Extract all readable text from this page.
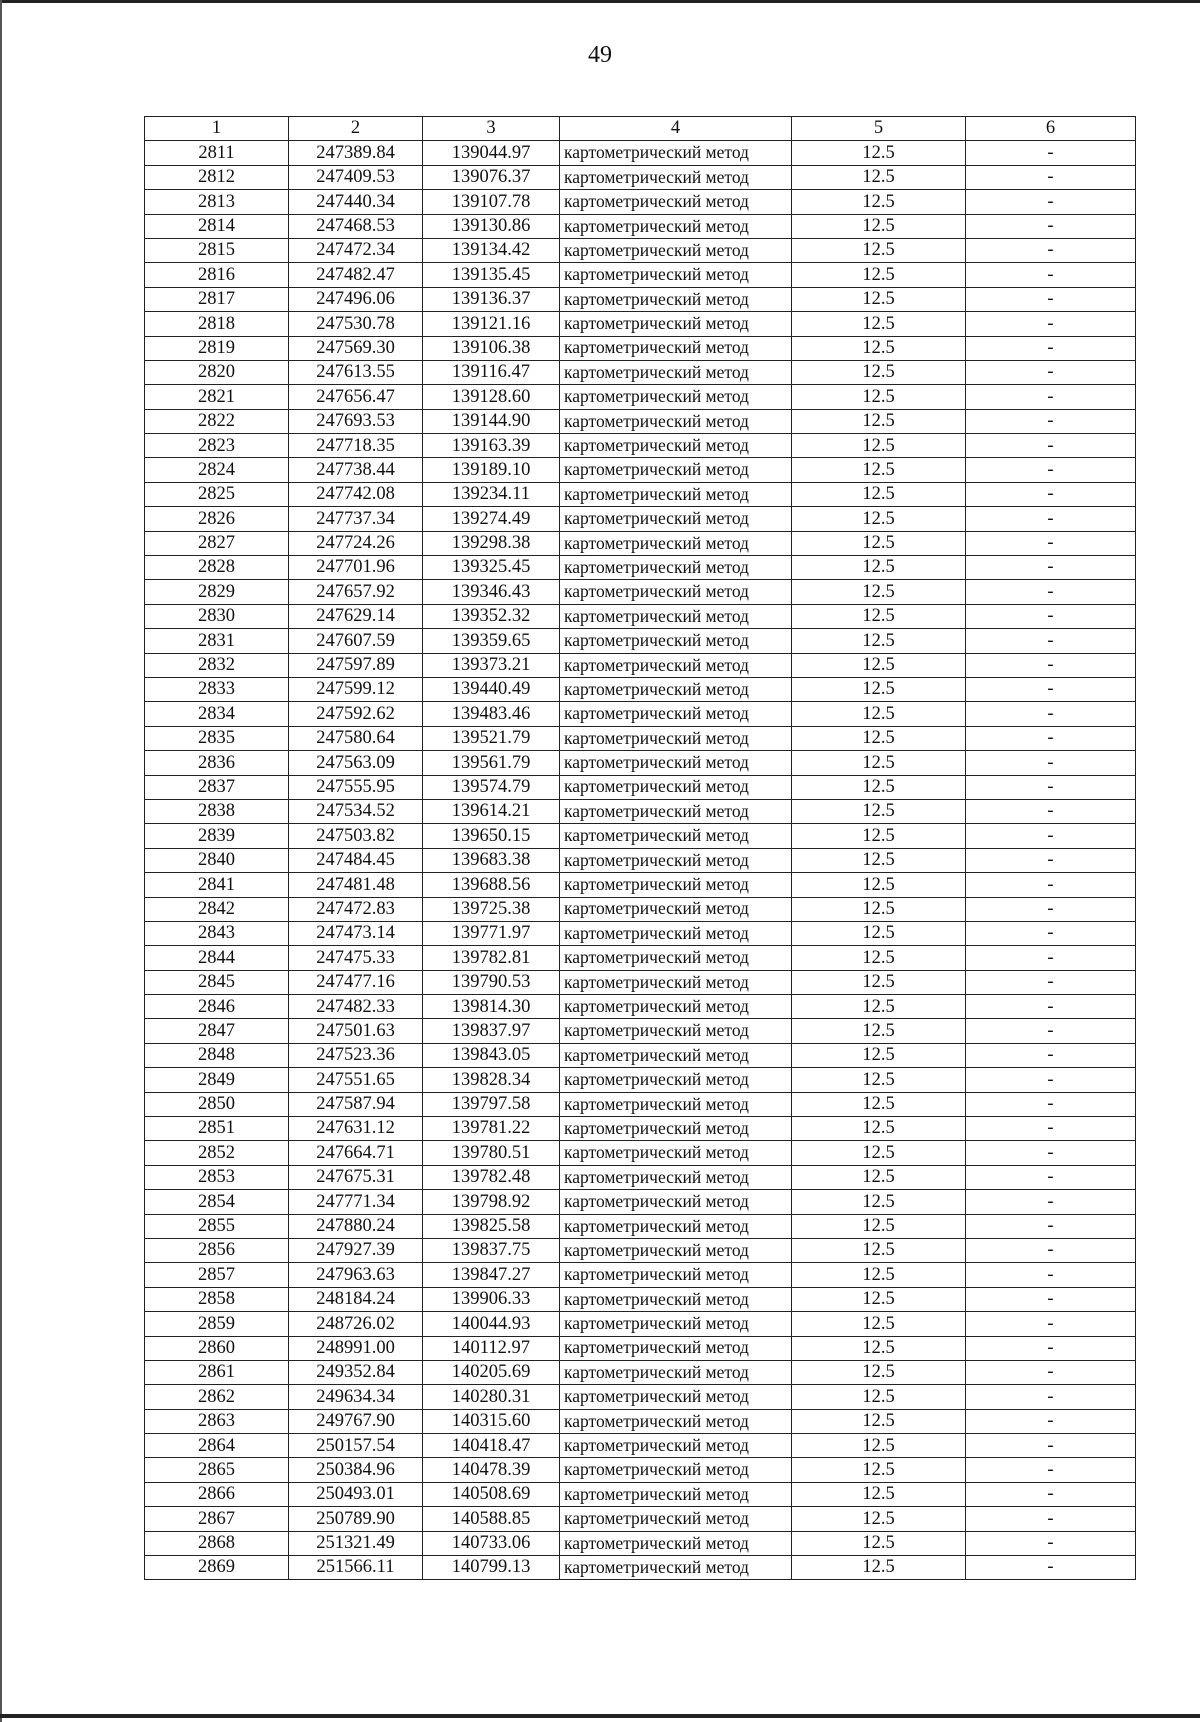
49
1	2	3	4	5	6
2811	247389.84	139044.97	картометрический метод	12.5	-
2812	247409.53	139076.37	картометрический метод	12.5	-
2813	247440.34	139107.78	картометрический метод	12.5	-
2814	247468.53	139130.86	картометрический метод	12.5	-
2815	247472.34	139134.42	картометрический метод	12.5	-
2816	247482.47	139135.45	картометрический метод	12.5	-
2817	247496.06	139136.37	картометрический метод	12.5	-
2818	247530.78	139121.16	картометрический метод	12.5	-
2819	247569.30	139106.38	картометрический метод	12.5	-
2820	247613.55	139116.47	картометрический метод	12.5	-
2821	247656.47	139128.60	картометрический метод	12.5	-
2822	247693.53	139144.90	картометрический метод	12.5	-
2823	247718.35	139163.39	картометрический метод	12.5	-
2824	247738.44	139189.10	картометрический метод	12.5	-
2825	247742.08	139234.11	картометрический метод	12.5	-
2826	247737.34	139274.49	картометрический метод	12.5	-
2827	247724.26	139298.38	картометрический метод	12.5	-
2828	247701.96	139325.45	картометрический метод	12.5	-
2829	247657.92	139346.43	картометрический метод	12.5	-
2830	247629.14	139352.32	картометрический метод	12.5	-
2831	247607.59	139359.65	картометрический метод	12.5	-
2832	247597.89	139373.21	картометрический метод	12.5	-
2833	247599.12	139440.49	картометрический метод	12.5	-
2834	247592.62	139483.46	картометрический метод	12.5	-
2835	247580.64	139521.79	картометрический метод	12.5	-
2836	247563.09	139561.79	картометрический метод	12.5	-
2837	247555.95	139574.79	картометрический метод	12.5	-
2838	247534.52	139614.21	картометрический метод	12.5	-
2839	247503.82	139650.15	картометрический метод	12.5	-
2840	247484.45	139683.38	картометрический метод	12.5	-
2841	247481.48	139688.56	картометрический метод	12.5	-
2842	247472.83	139725.38	картометрический метод	12.5	-
2843	247473.14	139771.97	картометрический метод	12.5	-
2844	247475.33	139782.81	картометрический метод	12.5	-
2845	247477.16	139790.53	картометрический метод	12.5	-
2846	247482.33	139814.30	картометрический метод	12.5	-
2847	247501.63	139837.97	картометрический метод	12.5	-
2848	247523.36	139843.05	картометрический метод	12.5	-
2849	247551.65	139828.34	картометрический метод	12.5	-
2850	247587.94	139797.58	картометрический метод	12.5	-
2851	247631.12	139781.22	картометрический метод	12.5	-
2852	247664.71	139780.51	картометрический метод	12.5	-
2853	247675.31	139782.48	картометрический метод	12.5	-
2854	247771.34	139798.92	картометрический метод	12.5	-
2855	247880.24	139825.58	картометрический метод	12.5	-
2856	247927.39	139837.75	картометрический метод	12.5	-
2857	247963.63	139847.27	картометрический метод	12.5	-
2858	248184.24	139906.33	картометрический метод	12.5	-
2859	248726.02	140044.93	картометрический метод	12.5	-
2860	248991.00	140112.97	картометрический метод	12.5	-
2861	249352.84	140205.69	картометрический метод	12.5	-
2862	249634.34	140280.31	картометрический метод	12.5	-
2863	249767.90	140315.60	картометрический метод	12.5	-
2864	250157.54	140418.47	картометрический метод	12.5	-
2865	250384.96	140478.39	картометрический метод	12.5	-
2866	250493.01	140508.69	картометрический метод	12.5	-
2867	250789.90	140588.85	картометрический метод	12.5	-
2868	251321.49	140733.06	картометрический метод	12.5	-
2869	251566.11	140799.13	картометрический метод	12.5	-
